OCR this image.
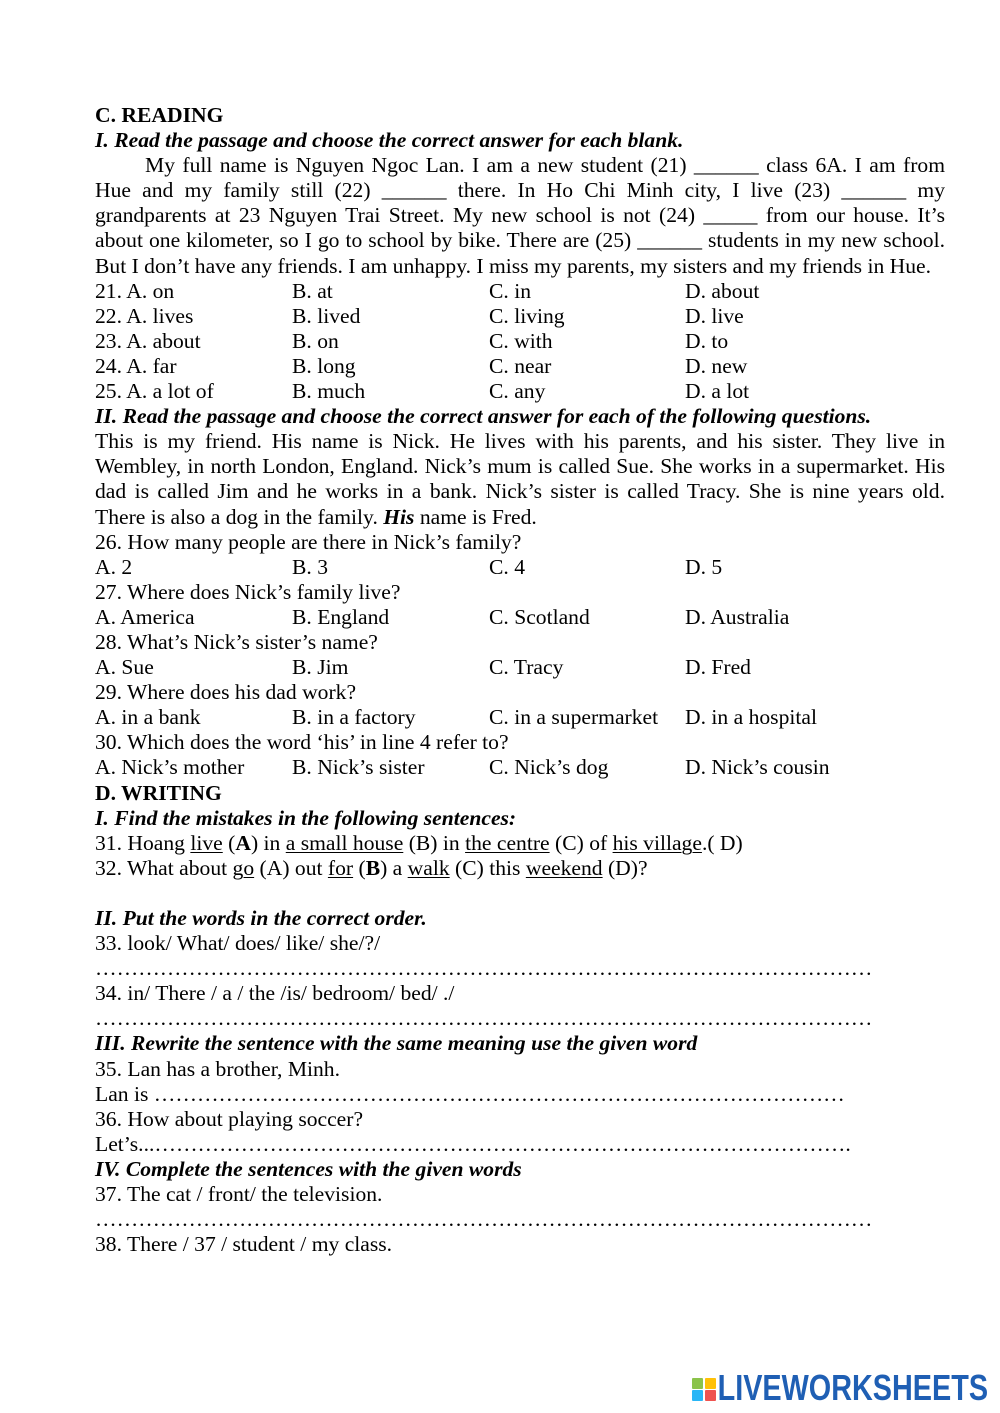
C. READING
I. Read the passage and choose the correct answer for each blank.
My full name is Nguyen Ngoc Lan. I am a new student (21) ______ class 6A. I am from
Hue and my family still (22) ______ there. In Ho Chi Minh city, I live (23) ______ my
grandparents at 23 Nguyen Trai Street. My new school is not (24) _____ from our house. It’s
about one kilometer, so I go to school by bike. There are (25) ______ students in my new school.
But I don’t have any friends. I am unhappy. I miss my parents, my sisters and my friends in Hue.
21. A. on	B. at	C. in	D. about
22. A. lives	B. lived	C. living	D. live
23. A. about	B. on	C. with	D. to
24. A. far	B. long	C. near	D. new
25. A. a lot of	B. much	C. any	D. a lot
II. Read the passage and choose the correct answer for each of the following questions.
This is my friend. His name is Nick. He lives with his parents, and his sister. They live in
Wembley, in north London, England. Nick’s mum is called Sue. She works in a supermarket. His
dad is called Jim and he works in a bank. Nick’s sister is called Tracy. She is nine years old.
There is also a dog in the family. His name is Fred.
26. How many people are there in Nick’s family?
A. 2	B. 3	C. 4	D. 5
27. Where does Nick’s family live?
A. America	B. England	C. Scotland	D. Australia
28. What’s Nick’s sister’s name?
A. Sue	B. Jim	C. Tracy	D. Fred
29. Where does his dad work?
A. in a bank	B. in a factory	C. in a supermarket	D. in a hospital
30. Which does the word ‘his’ in line 4 refer to?
A. Nick’s mother	B. Nick’s sister	C. Nick’s dog	D. Nick’s cousin
D. WRITING
I. Find the mistakes in the following sentences:
31. Hoang live (A) in a small house (B) in the centre (C) of his village.( D)
32. What about go (A) out for (B) a walk (C) this weekend (D)?
II. Put the words in the correct order.
33. look/ What/ does/ like/ she/?/
………………………………………………………………………………………………
34. in/ There / a / the /is/ bedroom/ bed/ ./
………………………………………………………………………………………………
III. Rewrite the sentence with the same meaning use the given word
35. Lan has a brother, Minh.
Lan is ……………………………………………………………………………………
36. How about playing soccer?
Let’s...…………………………………………………………………………………….
IV. Complete the sentences with the given words
37. The cat / front/ the television.
………………………………………………………………………………………………
38. There / 37 / student / my class.
LIVEWORKSHEETS
